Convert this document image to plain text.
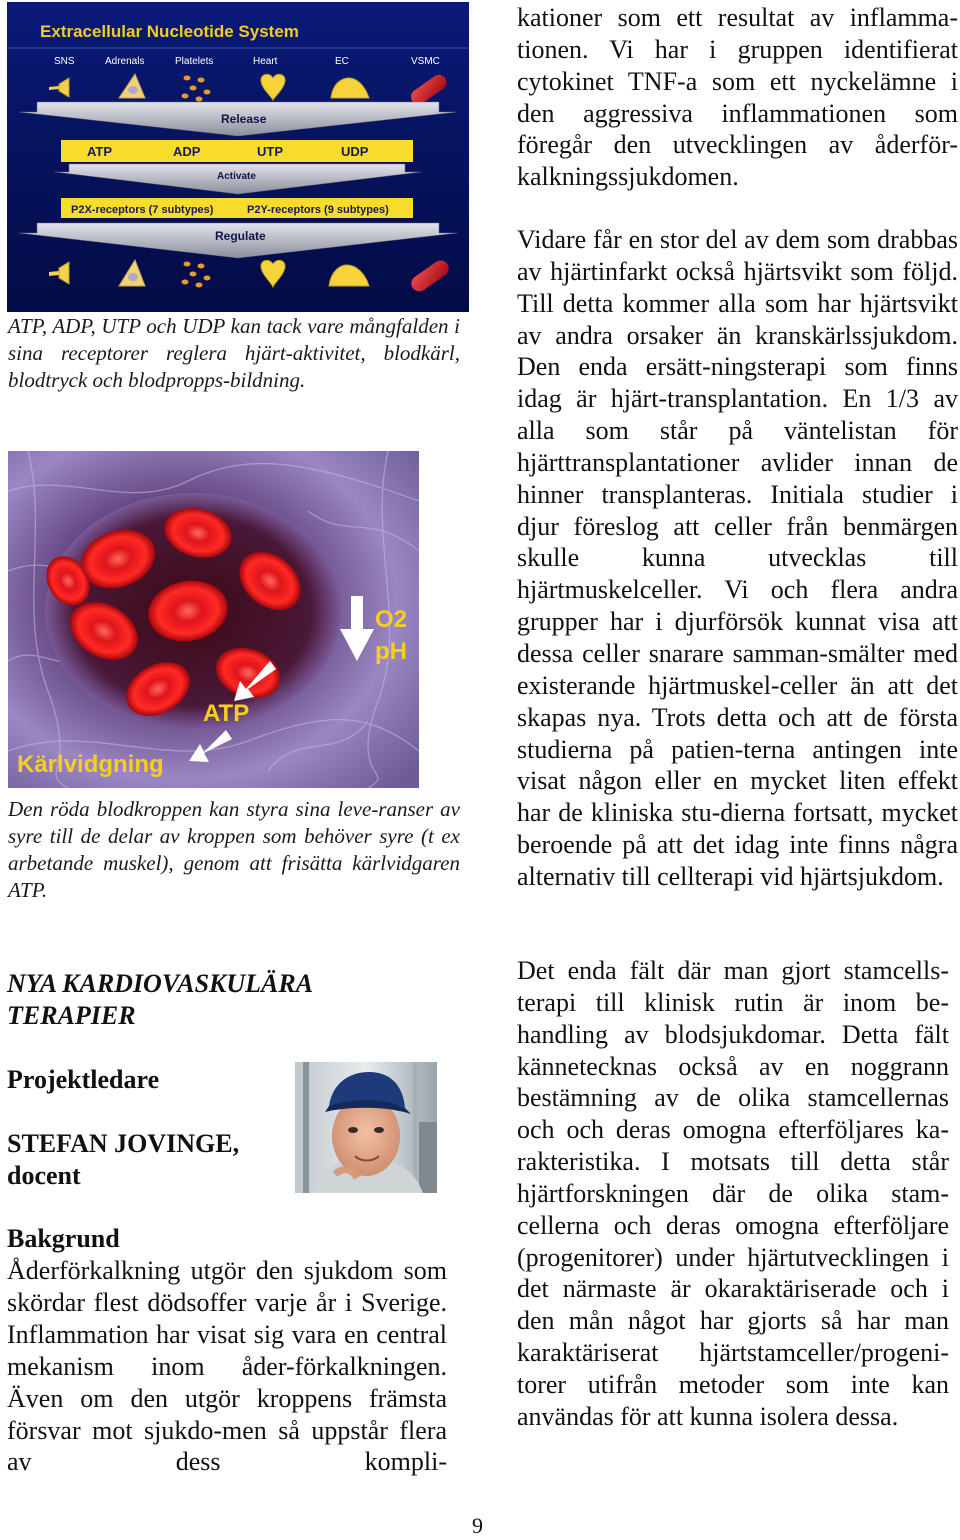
Extracellular Nucleotide System
SNS	Adrenals	Platelets	Heart	EC	VSMC
Release
ATP	ADP	UTP	UDP
Activate
P2X-receptors (7 subtypes)	P2Y-receptors (9 subtypes)
Regulate

ATP, ADP, UTP och UDP kan tack vare mångfalden i sina receptorer reglera hjärt-aktivitet, blodkärl, blodtryck och blodpropps-bildning.

O2
pH
ATP
Kärlvidgning

Den röda blodkroppen kan styra sina leve-ranser av syre till de delar av kroppen som behöver syre (t ex arbetande muskel), genom att frisätta kärlvidgaren ATP.

NYA KARDIOVASKULÄRA TERAPIER
Projektledare
STEFAN JOVINGE, docent
Bakgrund

Åderförkalkning utgör den sjukdom som skördar flest dödsoffer varje år i Sverige. Inflammation har visat sig vara en central mekanism inom åder-förkalkningen. Även om den utgör kroppens främsta försvar mot sjukdo-men så uppstår flera av dess kompli-

kationer som ett resultat av inflamma-tionen. Vi har i gruppen identifierat cytokinet TNF-a som ett nyckelämne i den aggressiva inflammationen som föregår den utvecklingen av åderför-kalkningssjukdomen.

Vidare får en stor del av dem som drabbas av hjärtinfarkt också hjärtsvikt som följd. Till detta kommer alla som har hjärtsvikt av andra orsaker än kranskärlssjukdom. Den enda ersätt-ningsterapi som finns idag är hjärt-transplantation. En 1/3 av alla som står på väntelistan för hjärttransplantationer avlider innan de hinner transplanteras. Initiala studier i djur föreslog att celler från benmärgen skulle kunna utvecklas till hjärtmuskelceller. Vi och flera andra grupper har i djurförsök kunnat visa att dessa celler snarare samman-smälter med existerande hjärtmuskel-celler än att det skapas nya. Trots detta och att de första studierna på patien-terna antingen inte visat någon eller en mycket liten effekt har de kliniska stu-dierna fortsatt, mycket beroende på att det idag inte finns några alternativ till cellterapi vid hjärtsjukdom.

Det enda fält där man gjort stamcells-terapi till klinisk rutin är inom be-handling av blodsjukdomar. Detta fält kännetecknas också av en noggrann bestämning av de olika stamcellernas och och deras omogna efterföljares ka-rakteristika. I motsats till detta står hjärtforskningen där de olika stam-cellerna och deras omogna efterföljare (progenitorer) under hjärtutvecklingen i det närmaste är okaraktäriserade och i den mån något har gjorts så har man karaktäriserat hjärtstamceller/progeni-torer utifrån metoder som inte kan användas för att kunna isolera dessa.

9
